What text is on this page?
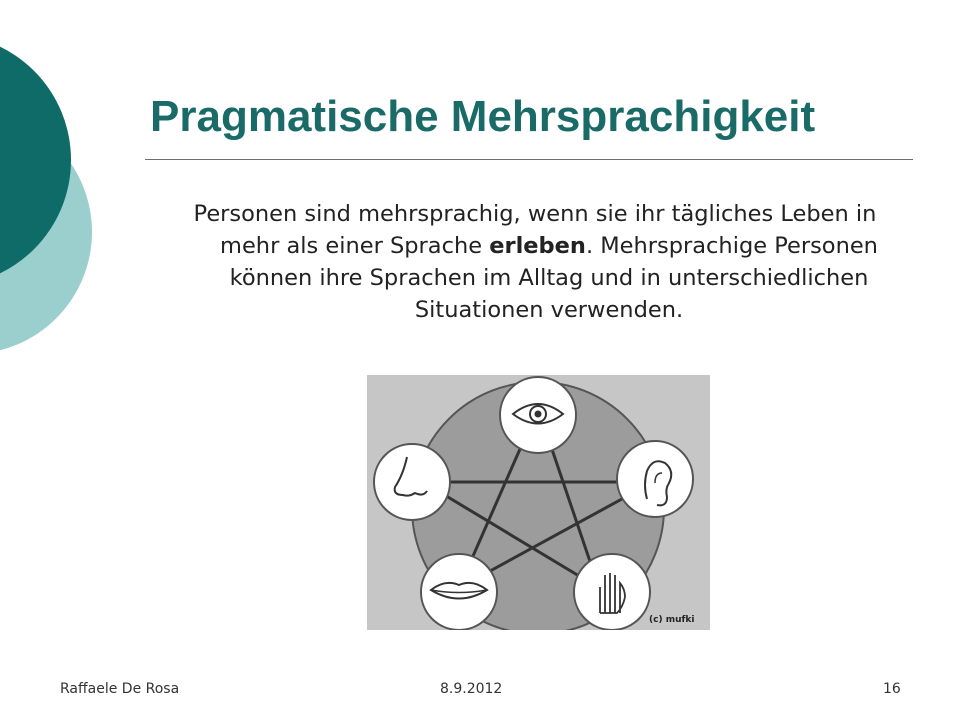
Pragmatische Mehrsprachigkeit

Personen sind mehrsprachig, wenn sie ihr tägliches Leben in mehr als einer Sprache erleben. Mehrsprachige Personen können ihre Sprachen im Alltag und in unterschiedlichen Situationen verwenden.

(c) mufki
Raffaele De Rosa	8.9.2012	16
